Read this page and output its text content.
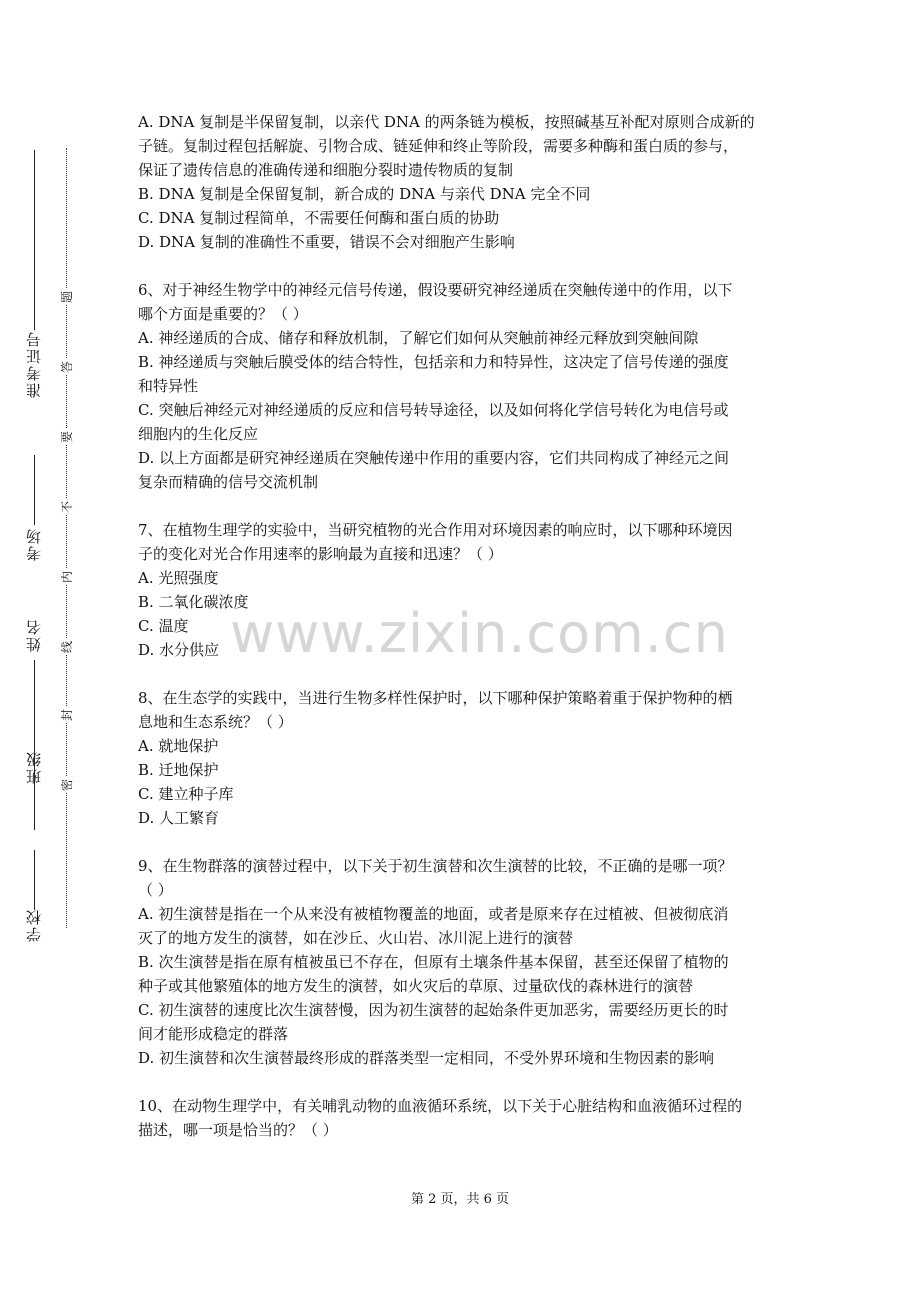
准考证号
考场
姓名
班级
学校
题
答
要
不
内
线
封
密
A. DNA 复制是半保留复制，以亲代 DNA 的两条链为模板，按照碱基互补配对原则合成新的
子链。复制过程包括解旋、引物合成、链延伸和终止等阶段，需要多种酶和蛋白质的参与，
保证了遗传信息的准确传递和细胞分裂时遗传物质的复制
B. DNA 复制是全保留复制，新合成的 DNA 与亲代 DNA 完全不同
C. DNA 复制过程简单，不需要任何酶和蛋白质的协助
D. DNA 复制的准确性不重要，错误不会对细胞产生影响
6、对于神经生物学中的神经元信号传递，假设要研究神经递质在突触传递中的作用，以下
哪个方面是重要的？（ ）
A. 神经递质的合成、储存和释放机制，了解它们如何从突触前神经元释放到突触间隙
B. 神经递质与突触后膜受体的结合特性，包括亲和力和特异性，这决定了信号传递的强度
和特异性
C. 突触后神经元对神经递质的反应和信号转导途径，以及如何将化学信号转化为电信号或
细胞内的生化反应
D. 以上方面都是研究神经递质在突触传递中作用的重要内容，它们共同构成了神经元之间
复杂而精确的信号交流机制
7、在植物生理学的实验中，当研究植物的光合作用对环境因素的响应时，以下哪种环境因
子的变化对光合作用速率的影响最为直接和迅速？（ ）
A. 光照强度
B. 二氧化碳浓度
C. 温度
D. 水分供应
8、在生态学的实践中，当进行生物多样性保护时，以下哪种保护策略着重于保护物种的栖
息地和生态系统？（ ）
A. 就地保护
B. 迁地保护
C. 建立种子库
D. 人工繁育
9、在生物群落的演替过程中，以下关于初生演替和次生演替的比较，不正确的是哪一项？
（ ）
A. 初生演替是指在一个从来没有被植物覆盖的地面，或者是原来存在过植被、但被彻底消
灭了的地方发生的演替，如在沙丘、火山岩、冰川泥上进行的演替
B. 次生演替是指在原有植被虽已不存在，但原有土壤条件基本保留，甚至还保留了植物的
种子或其他繁殖体的地方发生的演替，如火灾后的草原、过量砍伐的森林进行的演替
C. 初生演替的速度比次生演替慢，因为初生演替的起始条件更加恶劣，需要经历更长的时
间才能形成稳定的群落
D. 初生演替和次生演替最终形成的群落类型一定相同，不受外界环境和生物因素的影响
10、在动物生理学中，有关哺乳动物的血液循环系统，以下关于心脏结构和血液循环过程的
描述，哪一项是恰当的？（ ）
www.zixin.com.cn
第 2 页，共 6 页
